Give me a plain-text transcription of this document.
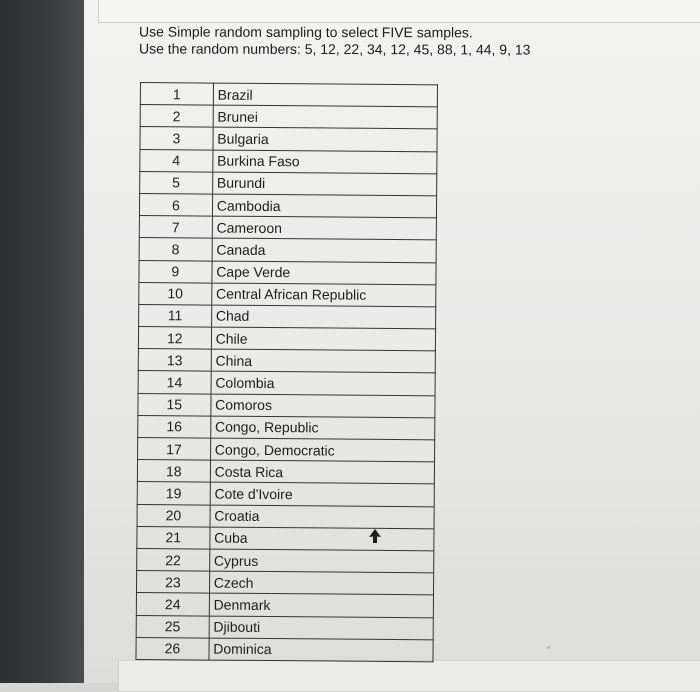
Use Simple random sampling to select FIVE samples.
Use the random numbers: 5, 12, 22, 34, 12, 45, 88, 1, 44, 9, 13
1	Brazil
2	Brunei
3	Bulgaria
4	Burkina Faso
5	Burundi
6	Cambodia
7	Cameroon
8	Canada
9	Cape Verde
10	Central African Republic
11	Chad
12	Chile
13	China
14	Colombia
15	Comoros
16	Congo, Republic
17	Congo, Democratic
18	Costa Rica
19	Cote d'Ivoire
20	Croatia
21	Cuba
22	Cyprus
23	Czech
24	Denmark
25	Djibouti
26	Dominica
